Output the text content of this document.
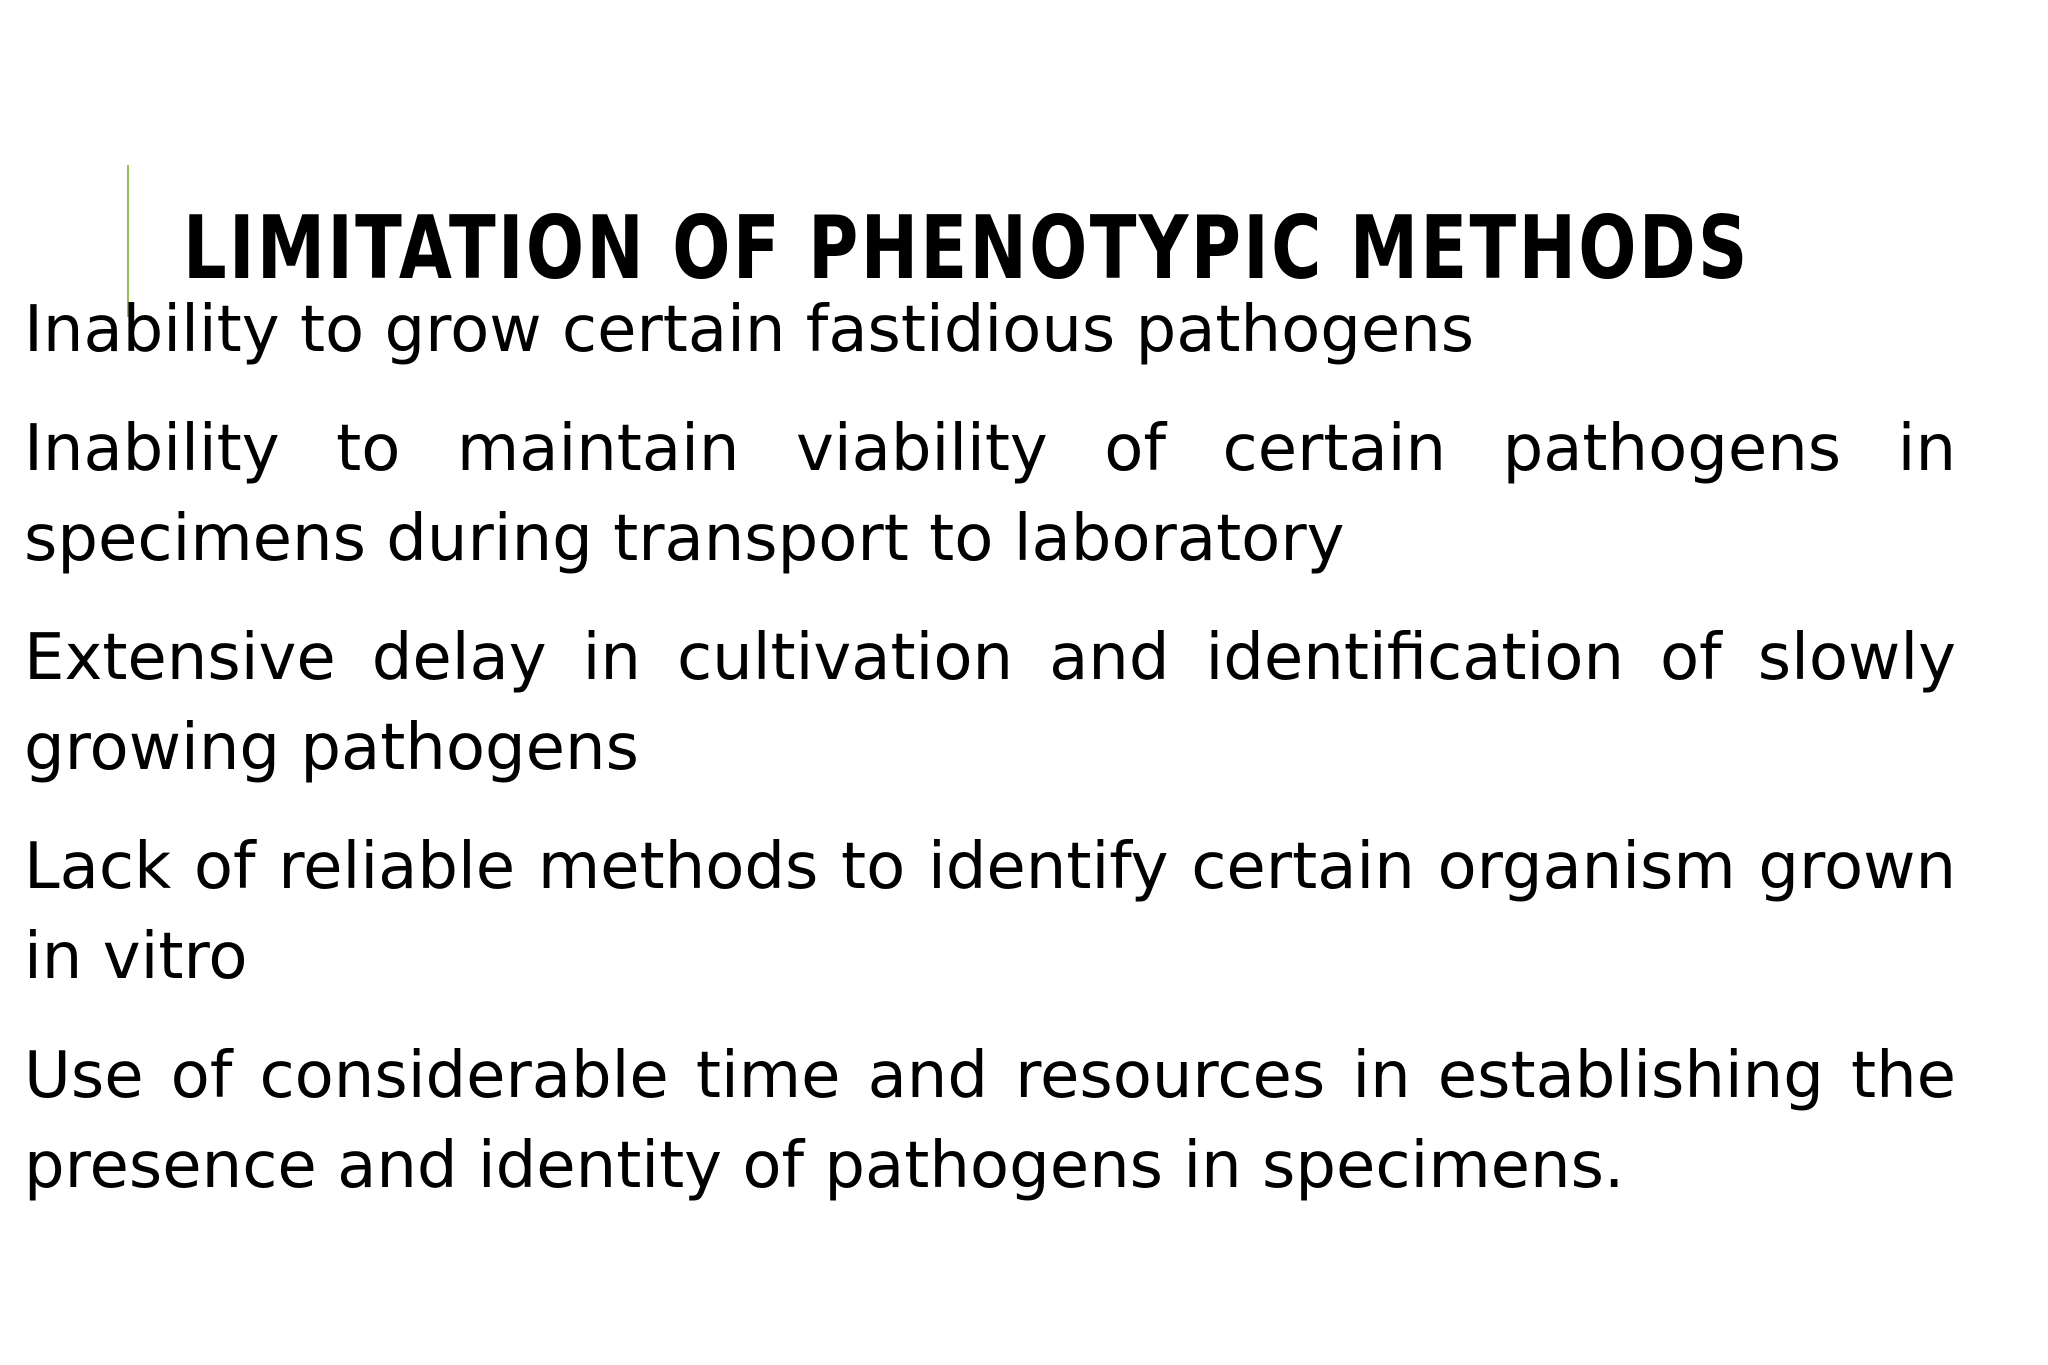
Inability to grow certain fastidious pathogens
Inability to maintain viability of certain pathogens in specimens during transport to laboratory
Extensive delay in cultivation and identification of slowly growing pathogens
Lack of reliable methods to identify certain organism grown in vitro
Use of considerable time and resources in establishing the presence and identity of pathogens in specimens.
LIMITATION OF PHENOTYPIC METHODS
